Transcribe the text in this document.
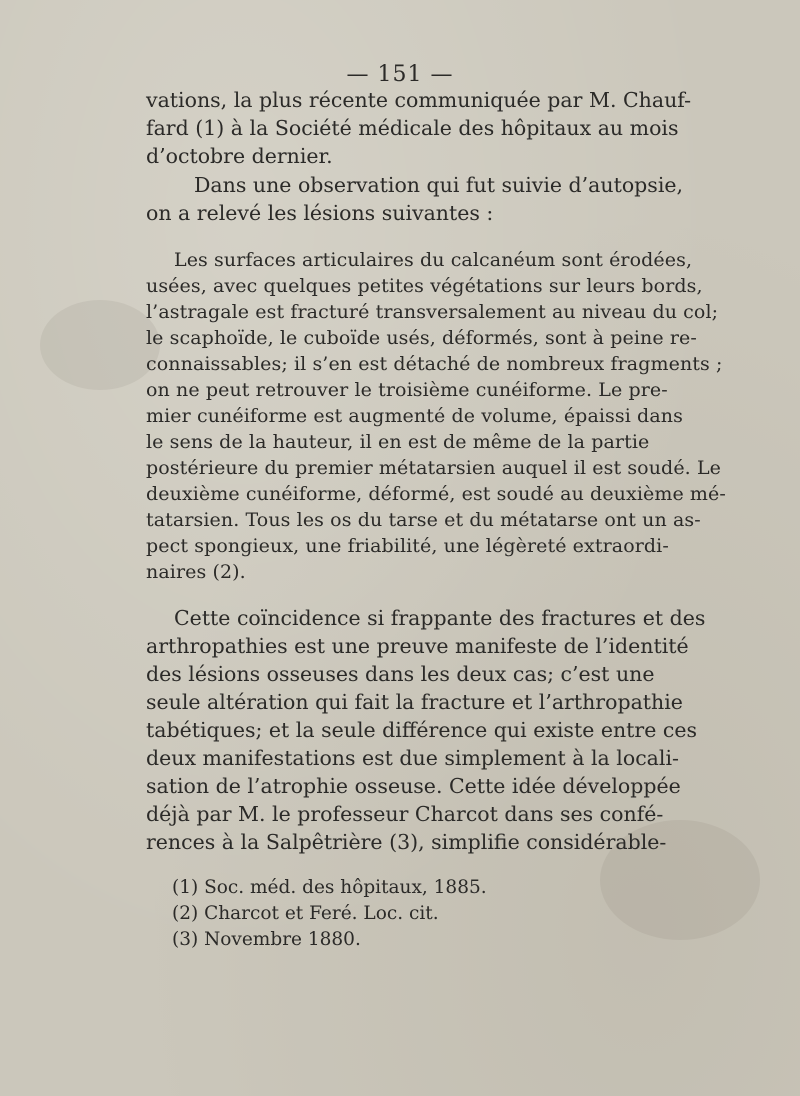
— 151 —
vations, la plus récente communiquée par M. Chauf-
fard (1) à la Société médicale des hôpitaux au mois
d’octobre dernier.
Dans une observation qui fut suivie d’autopsie,
on a relevé les lésions suivantes :
Les surfaces articulaires du calcanéum sont érodées,
usées, avec quelques petites végétations sur leurs bords,
l’astragale est fracturé transversalement au niveau du col;
le scaphoïde, le cuboïde usés, déformés, sont à peine re-
connaissables; il s’en est détaché de nombreux fragments ;
on ne peut retrouver le troisième cunéiforme. Le pre-
mier cunéiforme est augmenté de volume, épaissi dans
le sens de la hauteur, il en est de même de la partie
postérieure du premier métatarsien auquel il est soudé. Le
deuxième cunéiforme, déformé, est soudé au deuxième mé-
tatarsien. Tous les os du tarse et du métatarse ont un as-
pect spongieux, une friabilité, une légèreté extraordi-
naires (2).
Cette coïncidence si frappante des fractures et des
arthropathies est une preuve manifeste de l’identité
des lésions osseuses dans les deux cas; c’est une
seule altération qui fait la fracture et l’arthropathie
tabétiques; et la seule différence qui existe entre ces
deux manifestations est due simplement à la locali-
sation de l’atrophie osseuse. Cette idée développée
déjà par M. le professeur Charcot dans ses confé-
rences à la Salpêtrière (3), simplifie considérable-
(1) Soc. méd. des hôpitaux, 1885.
(2) Charcot et Feré. Loc. cit.
(3) Novembre 1880.
